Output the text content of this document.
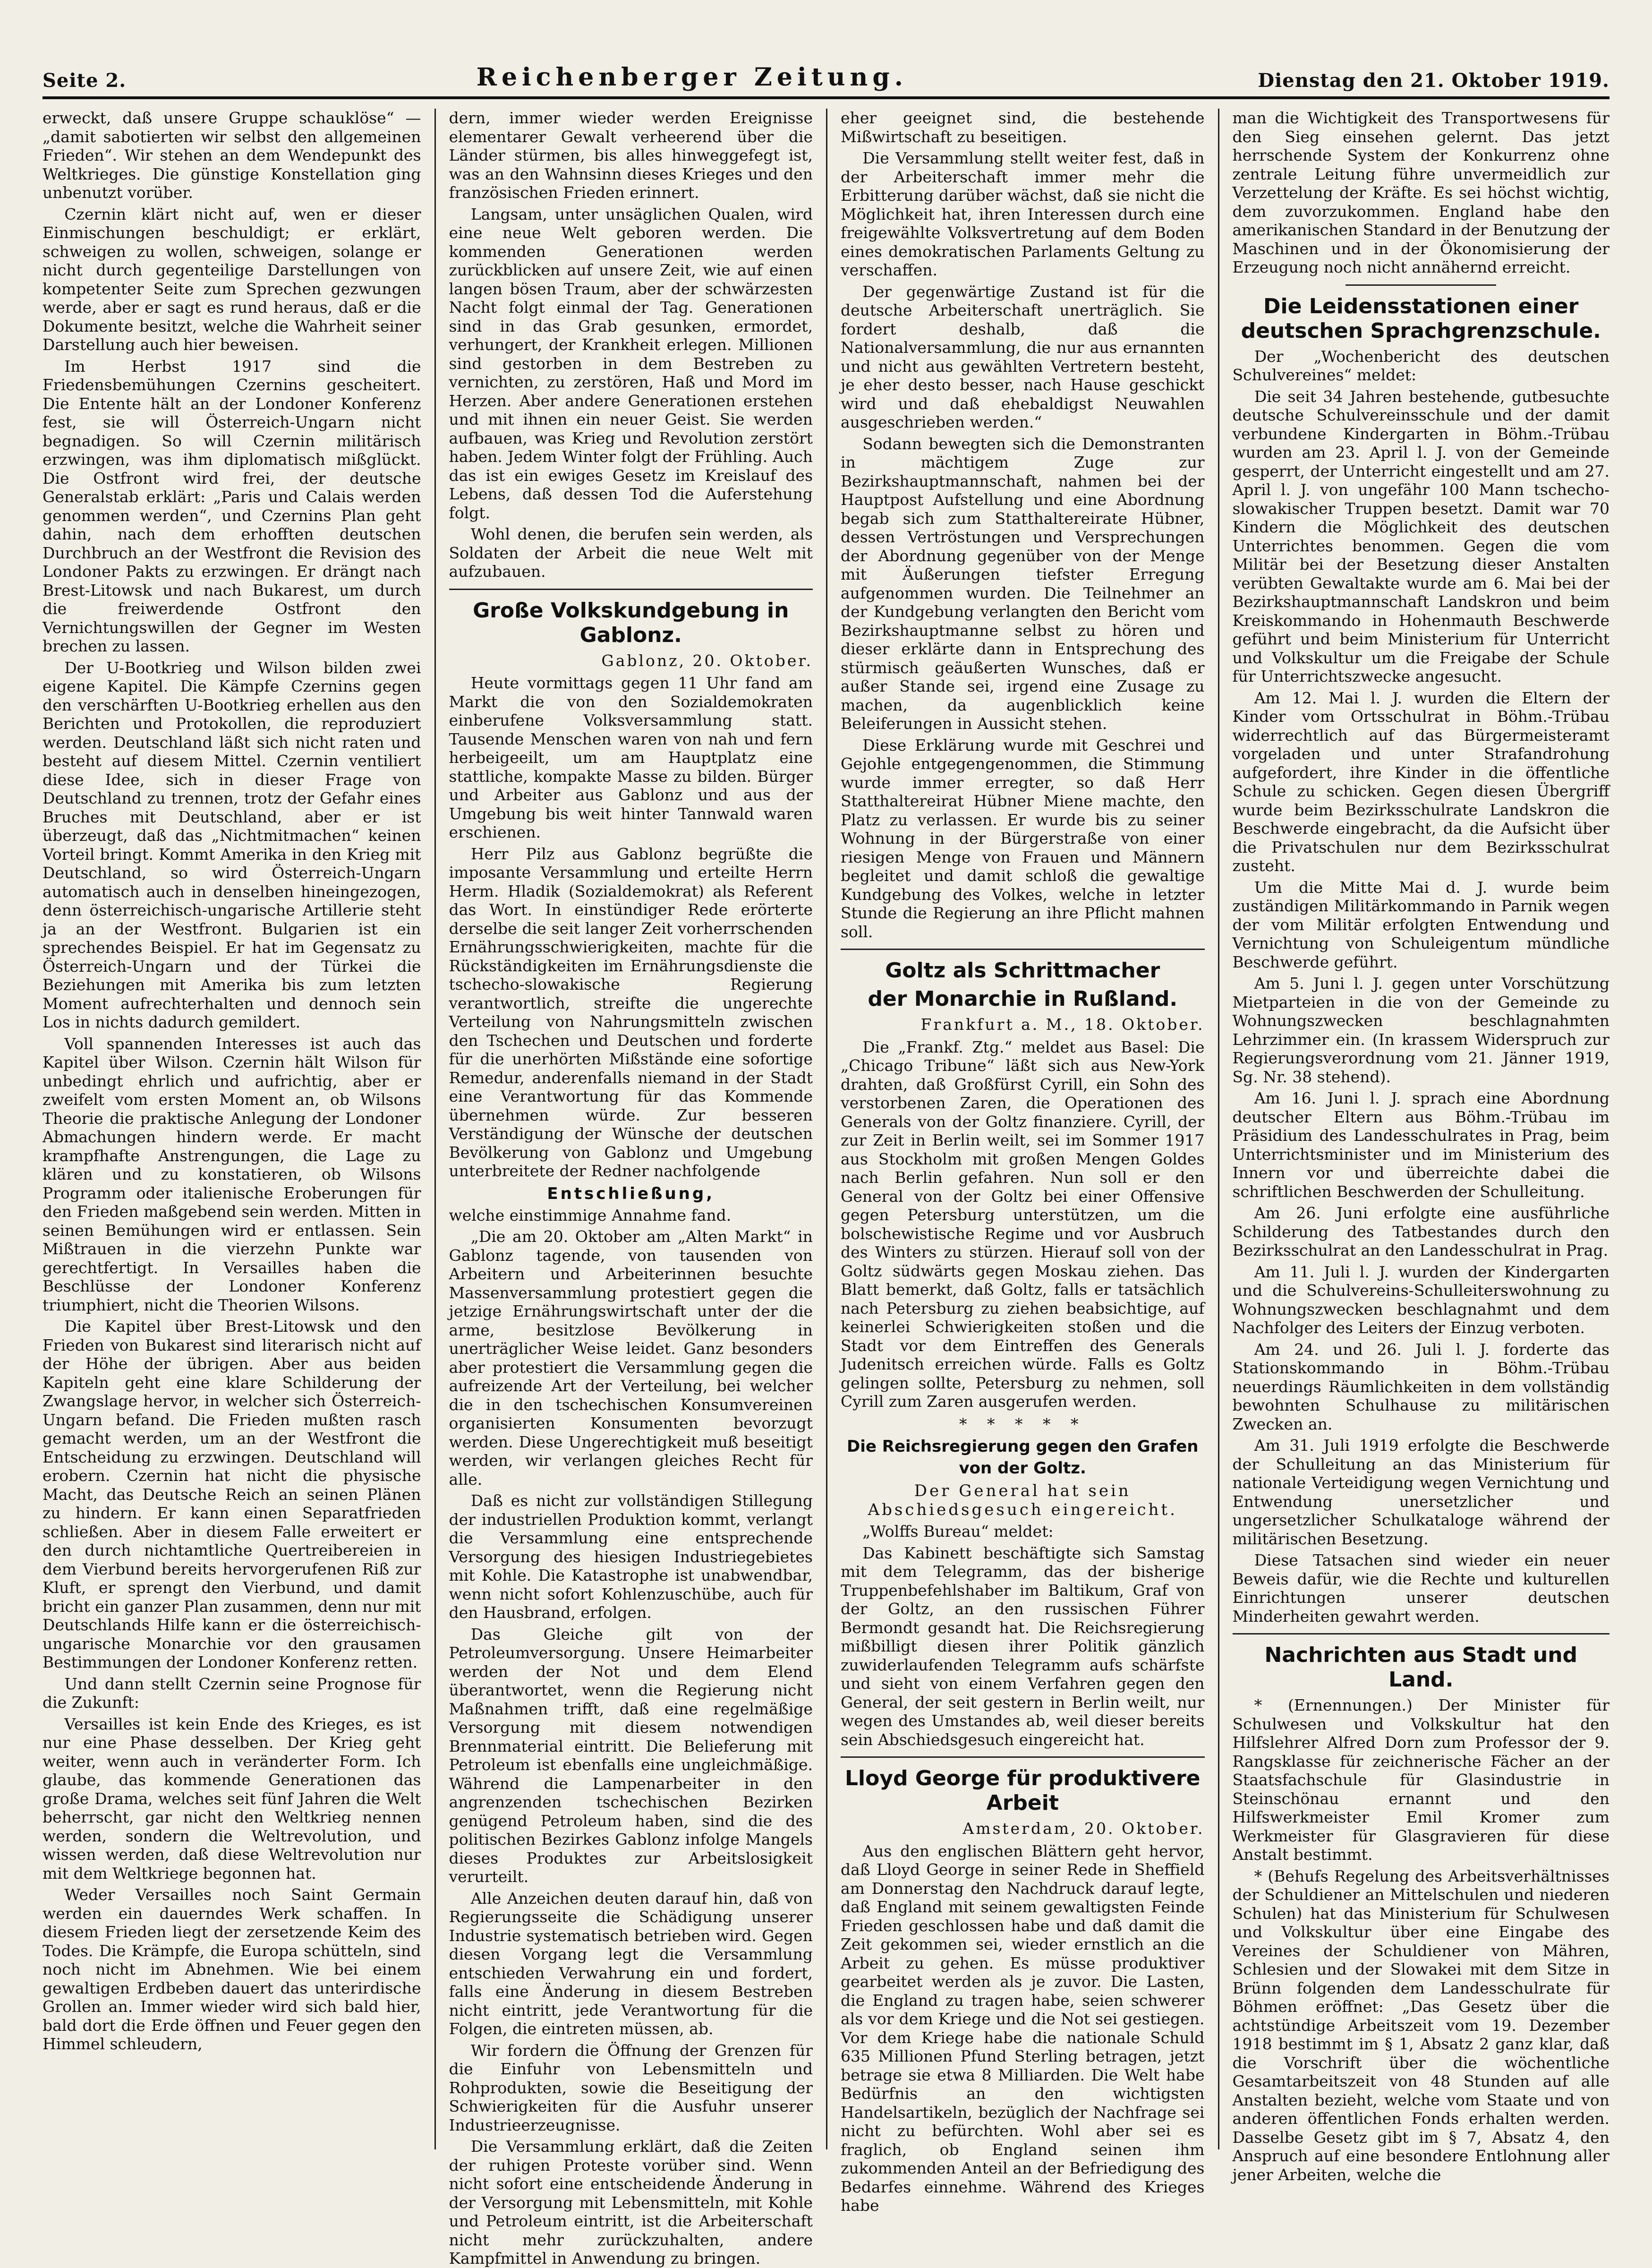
Seite 2.	Reichenberger Zeitung.	Dienstag den 21. Oktober 1919.

erweckt, daß unsere Gruppe schauklöse“ — „damit sabotierten wir selbst den allgemeinen Frieden“. Wir stehen an dem Wendepunkt des Weltkrieges. Die günstige Konstellation ging unbenutzt vorüber.

Czernin klärt nicht auf, wen er dieser Einmischungen beschuldigt; er erklärt, schweigen zu wollen, schweigen, solange er nicht durch gegenteilige Darstellungen von kompetenter Seite zum Sprechen gezwungen werde, aber er sagt es rund heraus, daß er die Dokumente besitzt, welche die Wahrheit seiner Darstellung auch hier beweisen.

Im Herbst 1917 sind die Friedensbemühungen Czernins gescheitert. Die Entente hält an der Londoner Konferenz fest, sie will Österreich-Ungarn nicht begnadigen. So will Czernin militärisch erzwingen, was ihm diplomatisch mißglückt. Die Ostfront wird frei, der deutsche Generalstab erklärt: „Paris und Calais werden genommen werden“, und Czernins Plan geht dahin, nach dem erhofften deutschen Durchbruch an der Westfront die Revision des Londoner Pakts zu erzwingen. Er drängt nach Brest-Litowsk und nach Bukarest, um durch die freiwerdende Ostfront den Vernichtungswillen der Gegner im Westen brechen zu lassen.

Der U-Bootkrieg und Wilson bilden zwei eigene Kapitel. Die Kämpfe Czernins gegen den verschärften U-Bootkrieg erhellen aus den Berichten und Protokollen, die reproduziert werden. Deutschland läßt sich nicht raten und besteht auf diesem Mittel. Czernin ventiliert diese Idee, sich in dieser Frage von Deutschland zu trennen, trotz der Gefahr eines Bruches mit Deutschland, aber er ist überzeugt, daß das „Nichtmitmachen“ keinen Vorteil bringt. Kommt Amerika in den Krieg mit Deutschland, so wird Österreich-Ungarn automatisch auch in denselben hineingezogen, denn österreichisch-ungarische Artillerie steht ja an der Westfront. Bulgarien ist ein sprechendes Beispiel. Er hat im Gegensatz zu Österreich-Ungarn und der Türkei die Beziehungen mit Amerika bis zum letzten Moment aufrechterhalten und dennoch sein Los in nichts dadurch gemildert.

Voll spannenden Interesses ist auch das Kapitel über Wilson. Czernin hält Wilson für unbedingt ehrlich und aufrichtig, aber er zweifelt vom ersten Moment an, ob Wilsons Theorie die praktische Anlegung der Londoner Abmachungen hindern werde. Er macht krampfhafte Anstrengungen, die Lage zu klären und zu konstatieren, ob Wilsons Programm oder italienische Eroberungen für den Frieden maßgebend sein werden. Mitten in seinen Bemühungen wird er entlassen. Sein Mißtrauen in die vierzehn Punkte war gerechtfertigt. In Versailles haben die Beschlüsse der Londoner Konferenz triumphiert, nicht die Theorien Wilsons.

Die Kapitel über Brest-Litowsk und den Frieden von Bukarest sind literarisch nicht auf der Höhe der übrigen. Aber aus beiden Kapiteln geht eine klare Schilderung der Zwangslage hervor, in welcher sich Österreich-Ungarn befand. Die Frieden mußten rasch gemacht werden, um an der Westfront die Entscheidung zu erzwingen. Deutschland will erobern. Czernin hat nicht die physische Macht, das Deutsche Reich an seinen Plänen zu hindern. Er kann einen Separatfrieden schließen. Aber in diesem Falle erweitert er den durch nichtamtliche Quertreibereien in dem Vierbund bereits hervorgerufenen Riß zur Kluft, er sprengt den Vierbund, und damit bricht ein ganzer Plan zusammen, denn nur mit Deutschlands Hilfe kann er die österreichisch-ungarische Monarchie vor den grausamen Bestimmungen der Londoner Konferenz retten.

Und dann stellt Czernin seine Prognose für die Zukunft:

Versailles ist kein Ende des Krieges, es ist nur eine Phase desselben. Der Krieg geht weiter, wenn auch in veränderter Form. Ich glaube, das kommende Generationen das große Drama, welches seit fünf Jahren die Welt beherrscht, gar nicht den Weltkrieg nennen werden, sondern die Weltrevolution, und wissen werden, daß diese Weltrevolution nur mit dem Weltkriege begonnen hat.

Weder Versailles noch Saint Germain werden ein dauerndes Werk schaffen. In diesem Frieden liegt der zersetzende Keim des Todes. Die Krämpfe, die Europa schütteln, sind noch nicht im Abnehmen. Wie bei einem gewaltigen Erdbeben dauert das unterirdische Grollen an. Immer wieder wird sich bald hier, bald dort die Erde öffnen und Feuer gegen den Himmel schleudern,

dern, immer wieder werden Ereignisse elementarer Gewalt verheerend über die Länder stürmen, bis alles hinweggefegt ist, was an den Wahnsinn dieses Krieges und den französischen Frieden erinnert.

Langsam, unter unsäglichen Qualen, wird eine neue Welt geboren werden. Die kommenden Generationen werden zurückblicken auf unsere Zeit, wie auf einen langen bösen Traum, aber der schwärzesten Nacht folgt einmal der Tag. Generationen sind in das Grab gesunken, ermordet, verhungert, der Krankheit erlegen. Millionen sind gestorben in dem Bestreben zu vernichten, zu zerstören, Haß und Mord im Herzen. Aber andere Generationen erstehen und mit ihnen ein neuer Geist. Sie werden aufbauen, was Krieg und Revolution zerstört haben. Jedem Winter folgt der Frühling. Auch das ist ein ewiges Gesetz im Kreislauf des Lebens, daß dessen Tod die Auferstehung folgt.

Wohl denen, die berufen sein werden, als Soldaten der Arbeit die neue Welt mit aufzubauen.

Große Volkskundgebung in Gablonz.

Gablonz, 20. Oktober.

Heute vormittags gegen 11 Uhr fand am Markt die von den Sozialdemokraten einberufene Volksversammlung statt. Tausende Menschen waren von nah und fern herbeigeeilt, um am Hauptplatz eine stattliche, kompakte Masse zu bilden. Bürger und Arbeiter aus Gablonz und aus der Umgebung bis weit hinter Tannwald waren erschienen.

Herr Pilz aus Gablonz begrüßte die imposante Versammlung und erteilte Herrn Herm. Hladik (Sozialdemokrat) als Referent das Wort. In einstündiger Rede erörterte derselbe die seit langer Zeit vorherrschenden Ernährungsschwierigkeiten, machte für die Rückständigkeiten im Ernährungsdienste die tschecho-slowakische Regierung verantwortlich, streifte die ungerechte Verteilung von Nahrungsmitteln zwischen den Tschechen und Deutschen und forderte für die unerhörten Mißstände eine sofortige Remedur, anderenfalls niemand in der Stadt eine Verantwortung für das Kommende übernehmen würde. Zur besseren Verständigung der Wünsche der deutschen Bevölkerung von Gablonz und Umgebung unterbreitete der Redner nachfolgende

Entschließung,

welche einstimmige Annahme fand.

„Die am 20. Oktober am „Alten Markt“ in Gablonz tagende, von tausenden von Arbeitern und Arbeiterinnen besuchte Massenversammlung protestiert gegen die jetzige Ernährungswirtschaft unter der die arme, besitzlose Bevölkerung in unerträglicher Weise leidet. Ganz besonders aber protestiert die Versammlung gegen die aufreizende Art der Verteilung, bei welcher die in den tschechischen Konsumvereinen organisierten Konsumenten bevorzugt werden. Diese Ungerechtigkeit muß beseitigt werden, wir verlangen gleiches Recht für alle.

Daß es nicht zur vollständigen Stillegung der industriellen Produktion kommt, verlangt die Versammlung eine entsprechende Versorgung des hiesigen Industriegebietes mit Kohle. Die Katastrophe ist unabwendbar, wenn nicht sofort Kohlenzuschübe, auch für den Hausbrand, erfolgen.

Das Gleiche gilt von der Petroleumversorgung. Unsere Heimarbeiter werden der Not und dem Elend überantwortet, wenn die Regierung nicht Maßnahmen trifft, daß eine regelmäßige Versorgung mit diesem notwendigen Brennmaterial eintritt. Die Belieferung mit Petroleum ist ebenfalls eine ungleichmäßige. Während die Lampenarbeiter in den angrenzenden tschechischen Bezirken genügend Petroleum haben, sind die des politischen Bezirkes Gablonz infolge Mangels dieses Produktes zur Arbeitslosigkeit verurteilt.

Alle Anzeichen deuten darauf hin, daß von Regierungsseite die Schädigung unserer Industrie systematisch betrieben wird. Gegen diesen Vorgang legt die Versammlung entschieden Verwahrung ein und fordert, falls eine Änderung in diesem Bestreben nicht eintritt, jede Verantwortung für die Folgen, die eintreten müssen, ab.

Wir fordern die Öffnung der Grenzen für die Einfuhr von Lebensmitteln und Rohprodukten, sowie die Beseitigung der Schwierigkeiten für die Ausfuhr unserer Industrieerzeugnisse.

Die Versammlung erklärt, daß die Zeiten der ruhigen Proteste vorüber sind. Wenn nicht sofort eine entscheidende Änderung in der Versorgung mit Lebensmitteln, mit Kohle und Petroleum eintritt, ist die Arbeiterschaft nicht mehr zurückzuhalten, andere Kampfmittel in Anwendung zu bringen.

eher geeignet sind, die bestehende Mißwirtschaft zu beseitigen.

Die Versammlung stellt weiter fest, daß in der Arbeiterschaft immer mehr die Erbitterung darüber wächst, daß sie nicht die Möglichkeit hat, ihren Interessen durch eine freigewählte Volksvertretung auf dem Boden eines demokratischen Parlaments Geltung zu verschaffen.

Der gegenwärtige Zustand ist für die deutsche Arbeiterschaft unerträglich. Sie fordert deshalb, daß die Nationalversammlung, die nur aus ernannten und nicht aus gewählten Vertretern besteht, je eher desto besser, nach Hause geschickt wird und daß ehebaldigst Neuwahlen ausgeschrieben werden.“

Sodann bewegten sich die Demonstranten in mächtigem Zuge zur Bezirkshauptmannschaft, nahmen bei der Hauptpost Aufstellung und eine Abordnung begab sich zum Statthaltereirate Hübner, dessen Vertröstungen und Versprechungen der Abordnung gegenüber von der Menge mit Äußerungen tiefster Erregung aufgenommen wurden. Die Teilnehmer an der Kundgebung verlangten den Bericht vom Bezirkshauptmanne selbst zu hören und dieser erklärte dann in Entsprechung des stürmisch geäußerten Wunsches, daß er außer Stande sei, irgend eine Zusage zu machen, da augenblicklich keine Beleiferungen in Aussicht stehen.

Diese Erklärung wurde mit Geschrei und Gejohle entgegengenommen, die Stimmung wurde immer erregter, so daß Herr Statthaltereirat Hübner Miene machte, den Platz zu verlassen. Er wurde bis zu seiner Wohnung in der Bürgerstraße von einer riesigen Menge von Frauen und Männern begleitet und damit schloß die gewaltige Kundgebung des Volkes, welche in letzter Stunde die Regierung an ihre Pflicht mahnen soll.

Goltz als Schrittmacher
der Monarchie in Rußland.

Frankfurt a. M., 18. Oktober.

Die „Frankf. Ztg.“ meldet aus Basel: Die „Chicago Tribune“ läßt sich aus New-York drahten, daß Großfürst Cyrill, ein Sohn des verstorbenen Zaren, die Operationen des Generals von der Goltz finanziere. Cyrill, der zur Zeit in Berlin weilt, sei im Sommer 1917 aus Stockholm mit großen Mengen Goldes nach Berlin gefahren. Nun soll er den General von der Goltz bei einer Offensive gegen Petersburg unterstützen, um die bolschewistische Regime und vor Ausbruch des Winters zu stürzen. Hierauf soll von der Goltz südwärts gegen Moskau ziehen. Das Blatt bemerkt, daß Goltz, falls er tatsächlich nach Petersburg zu ziehen beabsichtige, auf keinerlei Schwierigkeiten stoßen und die Stadt vor dem Eintreffen des Generals Judenitsch erreichen würde. Falls es Goltz gelingen sollte, Petersburg zu nehmen, soll Cyrill zum Zaren ausgerufen werden.

* * * * *
Die Reichsregierung gegen den Grafen
von der Goltz.
Der General hat sein Abschiedsgesuch eingereicht.

„Wolffs Bureau“ meldet:

Das Kabinett beschäftigte sich Samstag mit dem Telegramm, das der bisherige Truppenbefehlshaber im Baltikum, Graf von der Goltz, an den russischen Führer Bermondt gesandt hat. Die Reichsregierung mißbilligt diesen ihrer Politik gänzlich zuwiderlaufenden Telegramm aufs schärfste und sieht von einem Verfahren gegen den General, der seit gestern in Berlin weilt, nur wegen des Umstandes ab, weil dieser bereits sein Abschiedsgesuch eingereicht hat.

Lloyd George für produktivere Arbeit

Amsterdam, 20. Oktober.

Aus den englischen Blättern geht hervor, daß Lloyd George in seiner Rede in Sheffield am Donnerstag den Nachdruck darauf legte, daß England mit seinem gewaltigsten Feinde Frieden geschlossen habe und daß damit die Zeit gekommen sei, wieder ernstlich an die Arbeit zu gehen. Es müsse produktiver gearbeitet werden als je zuvor. Die Lasten, die England zu tragen habe, seien schwerer als vor dem Kriege und die Not sei gestiegen. Vor dem Kriege habe die nationale Schuld 635 Millionen Pfund Sterling betragen, jetzt betrage sie etwa 8 Milliarden. Die Welt habe Bedürfnis an den wichtigsten Handelsartikeln, bezüglich der Nachfrage sei nicht zu befürchten. Wohl aber sei es fraglich, ob England seinen ihm zukommenden Anteil an der Befriedigung des Bedarfes einnehme. Während des Krieges habe

man die Wichtigkeit des Transportwesens für den Sieg einsehen gelernt. Das jetzt herrschende System der Konkurrenz ohne zentrale Leitung führe unvermeidlich zur Verzettelung der Kräfte. Es sei höchst wichtig, dem zuvorzukommen. England habe den amerikanischen Standard in der Benutzung der Maschinen und in der Ökonomisierung der Erzeugung noch nicht annähernd erreicht.

Die Leidensstationen einer deutschen Sprachgrenzschule.

Der „Wochenbericht des deutschen Schulvereines“ meldet:

Die seit 34 Jahren bestehende, gutbesuchte deutsche Schulvereinsschule und der damit verbundene Kindergarten in Böhm.-Trübau wurden am 23. April l. J. von der Gemeinde gesperrt, der Unterricht eingestellt und am 27. April l. J. von ungefähr 100 Mann tschecho-slowakischer Truppen besetzt. Damit war 70 Kindern die Möglichkeit des deutschen Unterrichtes benommen. Gegen die vom Militär bei der Besetzung dieser Anstalten verübten Gewaltakte wurde am 6. Mai bei der Bezirkshauptmannschaft Landskron und beim Kreiskommando in Hohenmauth Beschwerde geführt und beim Ministerium für Unterricht und Volkskultur um die Freigabe der Schule für Unterrichtszwecke angesucht.

Am 12. Mai l. J. wurden die Eltern der Kinder vom Ortsschulrat in Böhm.-Trübau widerrechtlich auf das Bürgermeisteramt vorgeladen und unter Strafandrohung aufgefordert, ihre Kinder in die öffentliche Schule zu schicken. Gegen diesen Übergriff wurde beim Bezirksschulrate Landskron die Beschwerde eingebracht, da die Aufsicht über die Privatschulen nur dem Bezirksschulrat zusteht.

Um die Mitte Mai d. J. wurde beim zuständigen Militärkommando in Parnik wegen der vom Militär erfolgten Entwendung und Vernichtung von Schuleigentum mündliche Beschwerde geführt.

Am 5. Juni l. J. gegen unter Vorschützung Mietparteien in die von der Gemeinde zu Wohnungszwecken beschlagnahmten Lehrzimmer ein. (In krassem Widerspruch zur Regierungsverordnung vom 21. Jänner 1919, Sg. Nr. 38 stehend).

Am 16. Juni l. J. sprach eine Abordnung deutscher Eltern aus Böhm.-Trübau im Präsidium des Landesschulrates in Prag, beim Unterrichtsminister und im Ministerium des Innern vor und überreichte dabei die schriftlichen Beschwerden der Schulleitung.

Am 26. Juni erfolgte eine ausführliche Schilderung des Tatbestandes durch den Bezirksschulrat an den Landesschulrat in Prag.

Am 11. Juli l. J. wurden der Kindergarten und die Schulvereins-Schulleiterswohnung zu Wohnungszwecken beschlagnahmt und dem Nachfolger des Leiters der Einzug verboten.

Am 24. und 26. Juli l. J. forderte das Stationskommando in Böhm.-Trübau neuerdings Räumlichkeiten in dem vollständig bewohnten Schulhause zu militärischen Zwecken an.

Am 31. Juli 1919 erfolgte die Beschwerde der Schulleitung an das Ministerium für nationale Verteidigung wegen Vernichtung und Entwendung unersetzlicher und ungersetzlicher Schulkataloge während der militärischen Besetzung.

Diese Tatsachen sind wieder ein neuer Beweis dafür, wie die Rechte und kulturellen Einrichtungen unserer deutschen Minderheiten gewahrt werden.

Nachrichten aus Stadt und Land.

* (Ernennungen.) Der Minister für Schulwesen und Volkskultur hat den Hilfslehrer Alfred Dorn zum Professor der 9. Rangsklasse für zeichnerische Fächer an der Staatsfachschule für Glasindustrie in Steinschönau ernannt und den Hilfswerkmeister Emil Kromer zum Werkmeister für Glasgravieren für diese Anstalt bestimmt.

* (Behufs Regelung des Arbeitsverhältnisses der Schuldiener an Mittelschulen und niederen Schulen) hat das Ministerium für Schulwesen und Volkskultur über eine Eingabe des Vereines der Schuldiener von Mähren, Schlesien und der Slowakei mit dem Sitze in Brünn folgenden dem Landesschulrate für Böhmen eröffnet: „Das Gesetz über die achtstündige Arbeitszeit vom 19. Dezember 1918 bestimmt im § 1, Absatz 2 ganz klar, daß die Vorschrift über die wöchentliche Gesamtarbeitszeit von 48 Stunden auf alle Anstalten bezieht, welche vom Staate und von anderen öffentlichen Fonds erhalten werden. Dasselbe Gesetz gibt im § 7, Absatz 4, den Anspruch auf eine besondere Entlohnung aller jener Arbeiten, welche die
